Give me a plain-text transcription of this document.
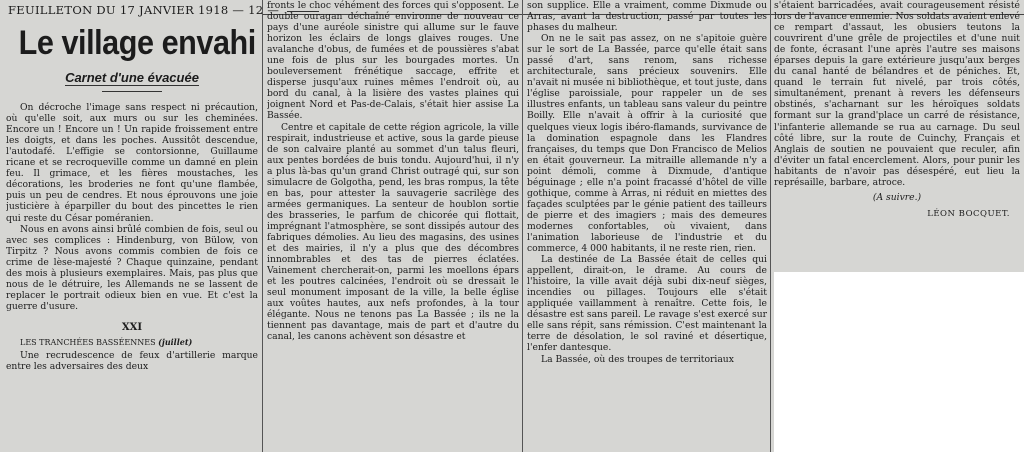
FEUILLETON DU 17 JANVIER 1918 — 12 —
Le village envahi
Carnet d'une évacuée

On décroche l'image sans respect ni précaution, où qu'elle soit, aux murs ou sur les cheminées. Encore un ! Encore un ! Un rapide froissement entre les doigts, et dans les poches. Aussitôt descendue, l'autodafé. L'effigie se contorsionne, Guillaume ricane et se recroqueville comme un damné en plein feu. Il grimace, et les fières moustaches, les décorations, les broderies ne font qu'une flambée, puis un peu de cendres. Et nous éprouvons une joie justicière à éparpiller du bout des pincettes le rien qui reste du César poméranien.

Nous en avons ainsi brûlé combien de fois, seul ou avec ses complices : Hindenburg, von Bülow, von Tirpitz ? Nous avons commis combien de fois ce crime de lèse-majesté ? Chaque quinzaine, pendant des mois à plusieurs exemplaires. Mais, pas plus que nous de le détruire, les Allemands ne se lassent de replacer le portrait odieux bien en vue. Et c'est la guerre d'usure.

XXI
LES TRANCHÉES BASSÉENNES (juillet)

Une recrudescence de feux d'artillerie marque entre les adversaires des deux

fronts le choc véhément des forces qui s'opposent. Le double ouragan déchaîné environne de nouveau ce pays d'une auréole sinistre qui allume sur le fauve horizon les éclairs de longs glaives rouges. Une avalanche d'obus, de fumées et de poussières s'abat une fois de plus sur les bourgades mortes. Un bouleversement frénétique saccage, effrite et disperse jusqu'aux ruines mêmes l'endroit où, au bord du canal, à la lisière des vastes plaines qui joignent Nord et Pas-de-Calais, s'était hier assise La Bassée.

Centre et capitale de cette région agricole, la ville respirait, industrieuse et active, sous la garde pieuse de son calvaire planté au sommet d'un talus fleuri, aux pentes bordées de buis tondu. Aujourd'hui, il n'y a plus là-bas qu'un grand Christ outragé qui, sur son simulacre de Golgotha, pend, les bras rompus, la tête en bas, pour attester la sauvagerie sacrilège des armées germaniques. La senteur de houblon sortie des brasseries, le parfum de chicorée qui flottait, imprégnant l'atmosphère, se sont dissipés autour des fabriques démolies. Au lieu des magasins, des usines et des mairies, il n'y a plus que des décombres innombrables et des tas de pierres éclatées. Vainement chercherait-on, parmi les moellons épars et les poutres calcinées, l'endroit où se dressait le seul monument imposant de la ville, la belle église aux voûtes hautes, aux nefs profondes, à la tour élégante. Nous ne tenons pas La Bassée ; ils ne la tiennent pas davantage, mais de part et d'autre du canal, les canons achèvent son désastre et

son supplice. Elle a vraiment, comme Dixmude ou Arras, avant la destruction, passé par toutes les phases du malheur.

On ne le sait pas assez, on ne s'apitoie guère sur le sort de La Bassée, parce qu'elle était sans passé d'art, sans renom, sans richesse architecturale, sans précieux souvenirs. Elle n'avait ni musée ni bibliothèque, et tout juste, dans l'église paroissiale, pour rappeler un de ses illustres enfants, un tableau sans valeur du peintre Boilly. Elle n'avait à offrir à la curiosité que quelques vieux logis ibéro-flamands, survivance de la domination espagnole dans les Flandres françaises, du temps que Don Francisco de Melios en était gouverneur. La mitraille allemande n'y a point démoli, comme à Dixmude, d'antique béguinage ; elle n'a point fracassé d'hôtel de ville gothique, comme à Arras, ni réduit en miettes des façades sculptées par le génie patient des tailleurs de pierre et des imagiers ; mais des demeures modernes confortables, où vivaient, dans l'animation laborieuse de l'industrie et du commerce, 4 000 habitants, il ne reste rien, rien.

La destinée de La Bassée était de celles qui appellent, dirait-on, le drame. Au cours de l'histoire, la ville avait déjà subi dix-neuf sièges, incendies ou pillages. Toujours elle s'était appliquée vaillamment à renaître. Cette fois, le désastre est sans pareil. Le ravage s'est exercé sur elle sans répit, sans rémission. C'est maintenant la terre de désolation, le sol raviné et désertique, l'enfer dantesque.

La Bassée, où des troupes de territoriaux

s'étaient barricadées, avait courageusement résisté lors de l'avance ennemie. Nos soldats avaient enlevé ce rempart d'assaut, les obusiers teutons la couvrirent d'une grêle de projectiles et d'une nuit de fonte, écrasant l'une après l'autre ses maisons éparses depuis la gare extérieure jusqu'aux berges du canal hanté de bélandres et de péniches. Et, quand le terrain fut nivelé, par trois côtés, simultanément, prenant à revers les défenseurs obstinés, s'acharnant sur les héroïques soldats formant sur la grand'place un carré de résistance, l'infanterie allemande se rua au carnage. Du seul côté libre, sur la route de Cuinchy, Français et Anglais de soutien ne pouvaient que reculer, afin d'éviter un fatal encerclement. Alors, pour punir les habitants de n'avoir pas désespéré, eut lieu la représaille, barbare, atroce.

(A suivre.)
LÉON BOCQUET.
